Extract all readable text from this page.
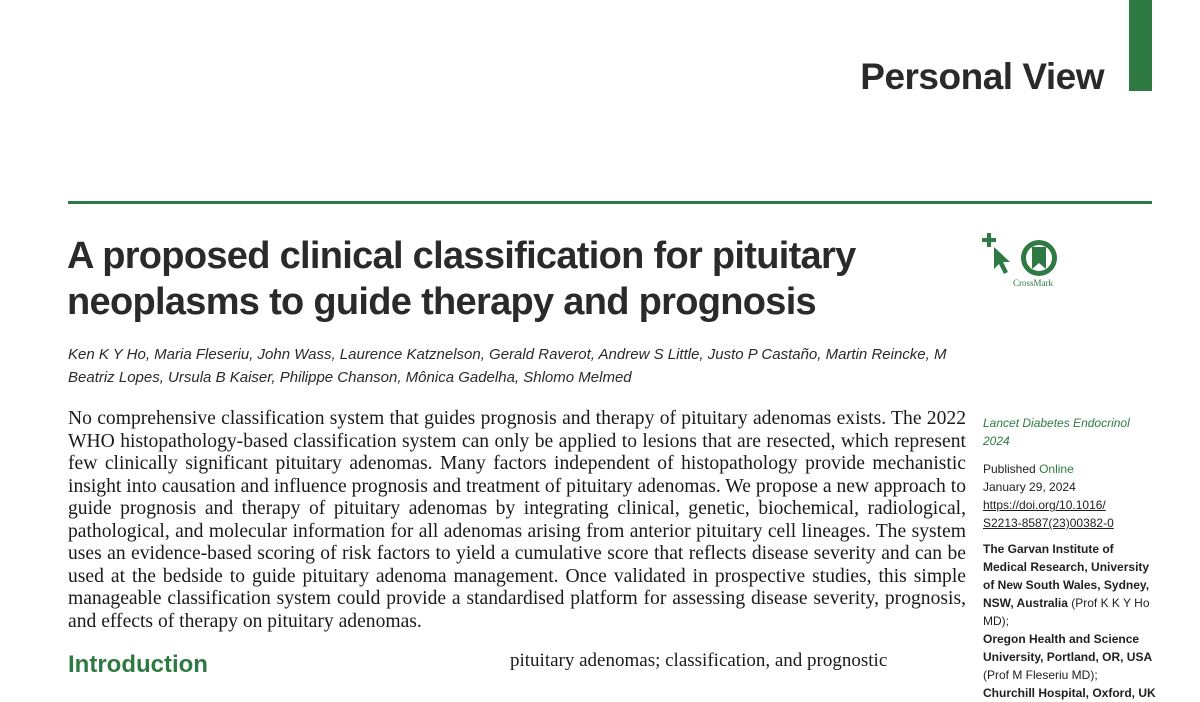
Personal View
A proposed clinical classification for pituitary neoplasms to guide therapy and prognosis	CrossMark

Ken K Y Ho, Maria Fleseriu, John Wass, Laurence Katznelson, Gerald Raverot, Andrew S Little, Justo P Castaño, Martin Reincke, M Beatriz Lopes, Ursula B Kaiser, Philippe Chanson, Mônica Gadelha, Shlomo Melmed

No comprehensive classification system that guides prognosis and therapy of pituitary adenomas exists. The 2022 WHO histopathology-based classification system can only be applied to lesions that are resected, which represent few clinically significant pituitary adenomas. Many factors independent of histopathology provide mechanistic insight into causation and influence prognosis and treatment of pituitary adenomas. We propose a new approach to guide prognosis and therapy of pituitary adenomas by integrating clinical, genetic, biochemical, radiological, pathological, and molecular information for all adenomas arising from anterior pituitary cell lineages. The system uses an evidence-based scoring of risk factors to yield a cumulative score that reflects disease severity and can be used at the bedside to guide pituitary adenoma management. Once validated in prospective studies, this simple manageable classification system could provide a standardised platform for assessing disease severity, prognosis, and effects of therapy on pituitary adenomas.

Introduction	pituitary adenomas; classification, and prognostic

Lancet Diabetes Endocrinol 2024

Published Online

January 29, 2024

https://doi.org/10.1016/
S2213-8587(23)00382-0

The Garvan Institute of Medical Research, University of New South Wales, Sydney, NSW, Australia (Prof K K Y Ho MD);

Oregon Health and Science University, Portland, OR, USA
(Prof M Fleseriu MD);

Churchill Hospital, Oxford, UK
